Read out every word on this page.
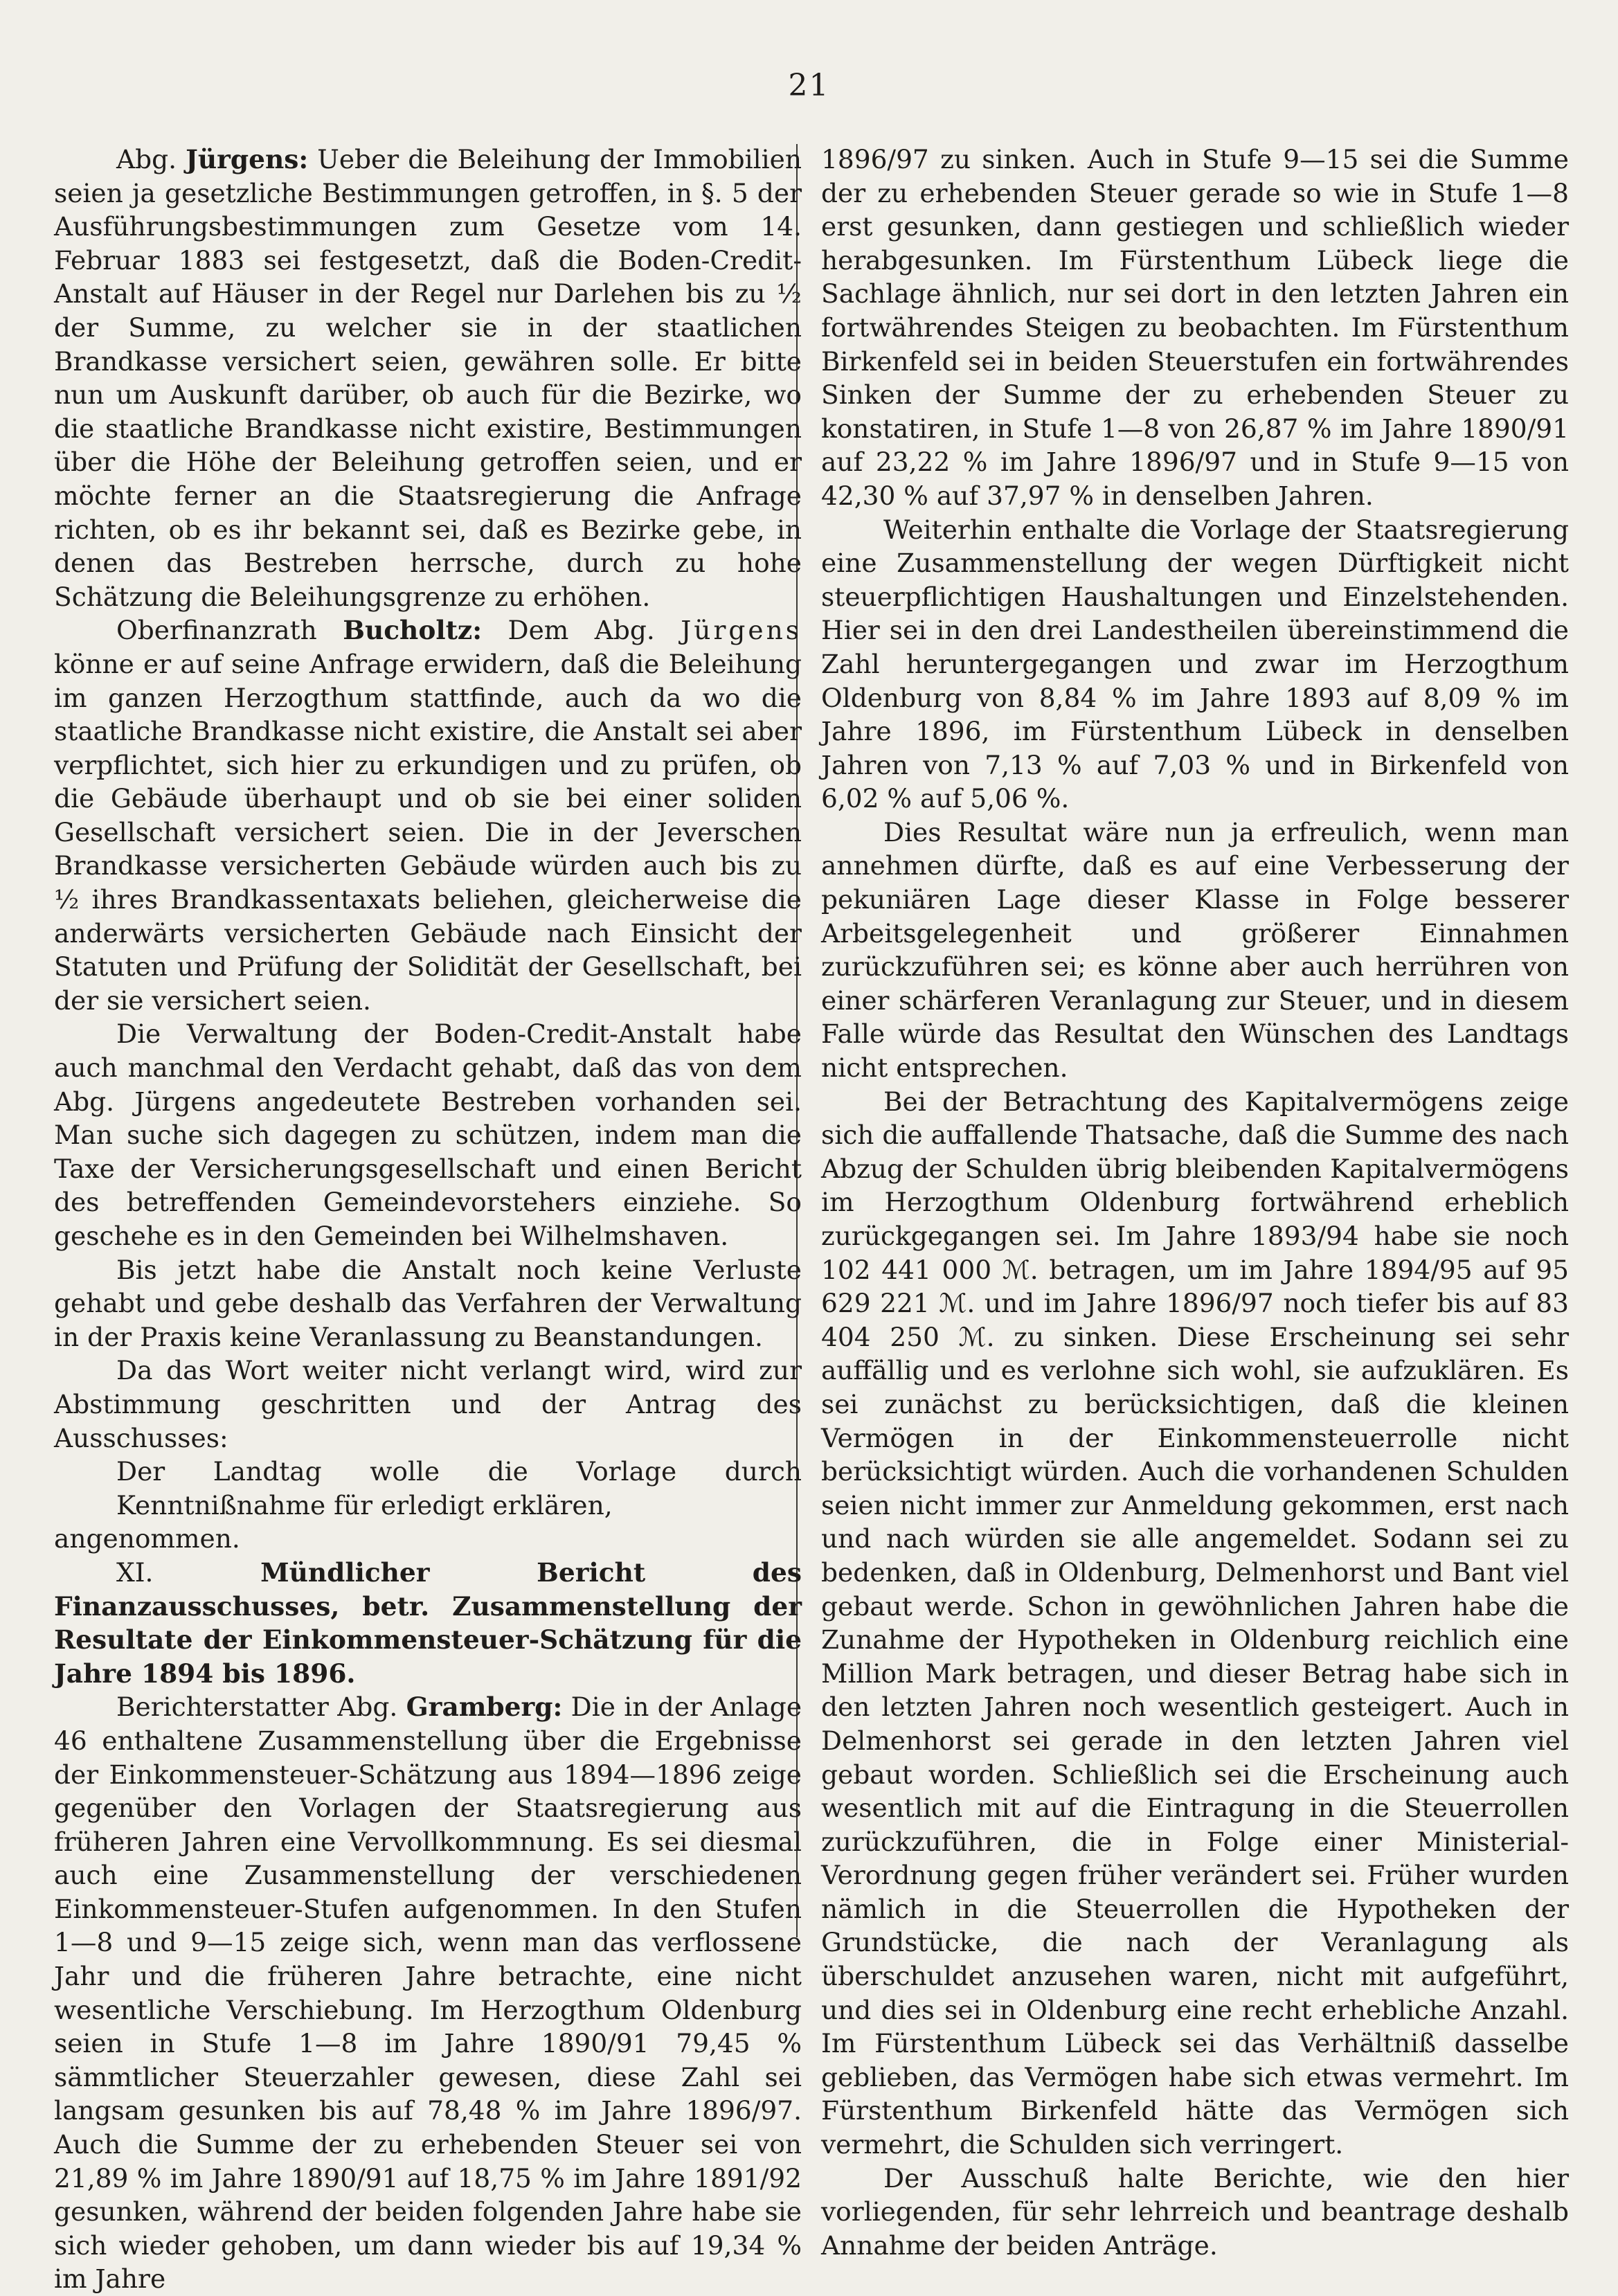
21

Abg. Jürgens: Ueber die Beleihung der Immobilien seien ja gesetzliche Bestimmungen getroffen, in §. 5 der Ausführungsbestimmungen zum Gesetze vom 14. Februar 1883 sei festgesetzt, daß die Boden-Credit-Anstalt auf Häuser in der Regel nur Darlehen bis zu ½ der Summe, zu welcher sie in der staatlichen Brandkasse versichert seien, gewähren solle. Er bitte nun um Auskunft darüber, ob auch für die Bezirke, wo die staatliche Brandkasse nicht existire, Bestimmungen über die Höhe der Beleihung getroffen seien, und er möchte ferner an die Staatsregierung die Anfrage richten, ob es ihr bekannt sei, daß es Bezirke gebe, in denen das Bestreben herrsche, durch zu hohe Schätzung die Beleihungsgrenze zu erhöhen.

Oberfinanzrath Bucholtz: Dem Abg. Jürgens könne er auf seine Anfrage erwidern, daß die Beleihung im ganzen Herzogthum stattfinde, auch da wo die staatliche Brandkasse nicht existire, die Anstalt sei aber verpflichtet, sich hier zu erkundigen und zu prüfen, ob die Gebäude überhaupt und ob sie bei einer soliden Gesellschaft versichert seien. Die in der Jeverschen Brandkasse versicherten Gebäude würden auch bis zu ½ ihres Brandkassentaxats beliehen, gleicherweise die anderwärts versicherten Gebäude nach Einsicht der Statuten und Prüfung der Solidität der Gesellschaft, bei der sie versichert seien.

Die Verwaltung der Boden-Credit-Anstalt habe auch manchmal den Verdacht gehabt, daß das von dem Abg. Jürgens angedeutete Bestreben vorhanden sei. Man suche sich dagegen zu schützen, indem man die Taxe der Versicherungsgesellschaft und einen Bericht des betreffenden Gemeindevorstehers einziehe. So geschehe es in den Gemeinden bei Wilhelmshaven.

Bis jetzt habe die Anstalt noch keine Verluste gehabt und gebe deshalb das Verfahren der Verwaltung in der Praxis keine Veranlassung zu Beanstandungen.

Da das Wort weiter nicht verlangt wird, wird zur Abstimmung geschritten und der Antrag des Ausschusses:

Der Landtag wolle die Vorlage durch Kenntnißnahme für erledigt erklären,

angenommen.

XI. Mündlicher Bericht des Finanzausschusses, betr. Zusammenstellung der Resultate der Einkommensteuer-Schätzung für die Jahre 1894 bis 1896.

Berichterstatter Abg. Gramberg: Die in der Anlage 46 enthaltene Zusammenstellung über die Ergebnisse der Einkommensteuer-Schätzung aus 1894—1896 zeige gegenüber den Vorlagen der Staatsregierung aus früheren Jahren eine Vervollkommnung. Es sei diesmal auch eine Zusammenstellung der verschiedenen Einkommensteuer-Stufen aufgenommen. In den Stufen 1—8 und 9—15 zeige sich, wenn man das verflossene Jahr und die früheren Jahre betrachte, eine nicht wesentliche Verschiebung. Im Herzogthum Oldenburg seien in Stufe 1—8 im Jahre 1890/91 79,45 % sämmtlicher Steuerzahler gewesen, diese Zahl sei langsam gesunken bis auf 78,48 % im Jahre 1896/97. Auch die Summe der zu erhebenden Steuer sei von 21,89 % im Jahre 1890/91 auf 18,75 % im Jahre 1891/92 gesunken, während der beiden folgenden Jahre habe sie sich wieder gehoben, um dann wieder bis auf 19,34 % im Jahre

1896/97 zu sinken. Auch in Stufe 9—15 sei die Summe der zu erhebenden Steuer gerade so wie in Stufe 1—8 erst gesunken, dann gestiegen und schließlich wieder herabgesunken. Im Fürstenthum Lübeck liege die Sachlage ähnlich, nur sei dort in den letzten Jahren ein fortwährendes Steigen zu beobachten. Im Fürstenthum Birkenfeld sei in beiden Steuerstufen ein fortwährendes Sinken der Summe der zu erhebenden Steuer zu konstatiren, in Stufe 1—8 von 26,87 % im Jahre 1890/91 auf 23,22 % im Jahre 1896/97 und in Stufe 9—15 von 42,30 % auf 37,97 % in denselben Jahren.

Weiterhin enthalte die Vorlage der Staatsregierung eine Zusammenstellung der wegen Dürftigkeit nicht steuerpflichtigen Haushaltungen und Einzelstehenden. Hier sei in den drei Landestheilen übereinstimmend die Zahl heruntergegangen und zwar im Herzogthum Oldenburg von 8,84 % im Jahre 1893 auf 8,09 % im Jahre 1896, im Fürstenthum Lübeck in denselben Jahren von 7,13 % auf 7,03 % und in Birkenfeld von 6,02 % auf 5,06 %.

Dies Resultat wäre nun ja erfreulich, wenn man annehmen dürfte, daß es auf eine Verbesserung der pekuniären Lage dieser Klasse in Folge besserer Arbeitsgelegenheit und größerer Einnahmen zurückzuführen sei; es könne aber auch herrühren von einer schärferen Veranlagung zur Steuer, und in diesem Falle würde das Resultat den Wünschen des Landtags nicht entsprechen.

Bei der Betrachtung des Kapitalvermögens zeige sich die auffallende Thatsache, daß die Summe des nach Abzug der Schulden übrig bleibenden Kapitalvermögens im Herzogthum Oldenburg fortwährend erheblich zurückgegangen sei. Im Jahre 1893/94 habe sie noch 102 441 000 ℳ. betragen, um im Jahre 1894/95 auf 95 629 221 ℳ. und im Jahre 1896/97 noch tiefer bis auf 83 404 250 ℳ. zu sinken. Diese Erscheinung sei sehr auffällig und es verlohne sich wohl, sie aufzuklären. Es sei zunächst zu berücksichtigen, daß die kleinen Vermögen in der Einkommensteuerrolle nicht berücksichtigt würden. Auch die vorhandenen Schulden seien nicht immer zur Anmeldung gekommen, erst nach und nach würden sie alle angemeldet. Sodann sei zu bedenken, daß in Oldenburg, Delmenhorst und Bant viel gebaut werde. Schon in gewöhnlichen Jahren habe die Zunahme der Hypotheken in Oldenburg reichlich eine Million Mark betragen, und dieser Betrag habe sich in den letzten Jahren noch wesentlich gesteigert. Auch in Delmenhorst sei gerade in den letzten Jahren viel gebaut worden. Schließlich sei die Erscheinung auch wesentlich mit auf die Eintragung in die Steuerrollen zurückzuführen, die in Folge einer Ministerial-Verordnung gegen früher verändert sei. Früher wurden nämlich in die Steuerrollen die Hypotheken der Grundstücke, die nach der Veranlagung als überschuldet anzusehen waren, nicht mit aufgeführt, und dies sei in Oldenburg eine recht erhebliche Anzahl. Im Fürstenthum Lübeck sei das Verhältniß dasselbe geblieben, das Vermögen habe sich etwas vermehrt. Im Fürstenthum Birkenfeld hätte das Vermögen sich vermehrt, die Schulden sich verringert.

Der Ausschuß halte Berichte, wie den hier vorliegenden, für sehr lehrreich und beantrage deshalb Annahme der beiden Anträge.
